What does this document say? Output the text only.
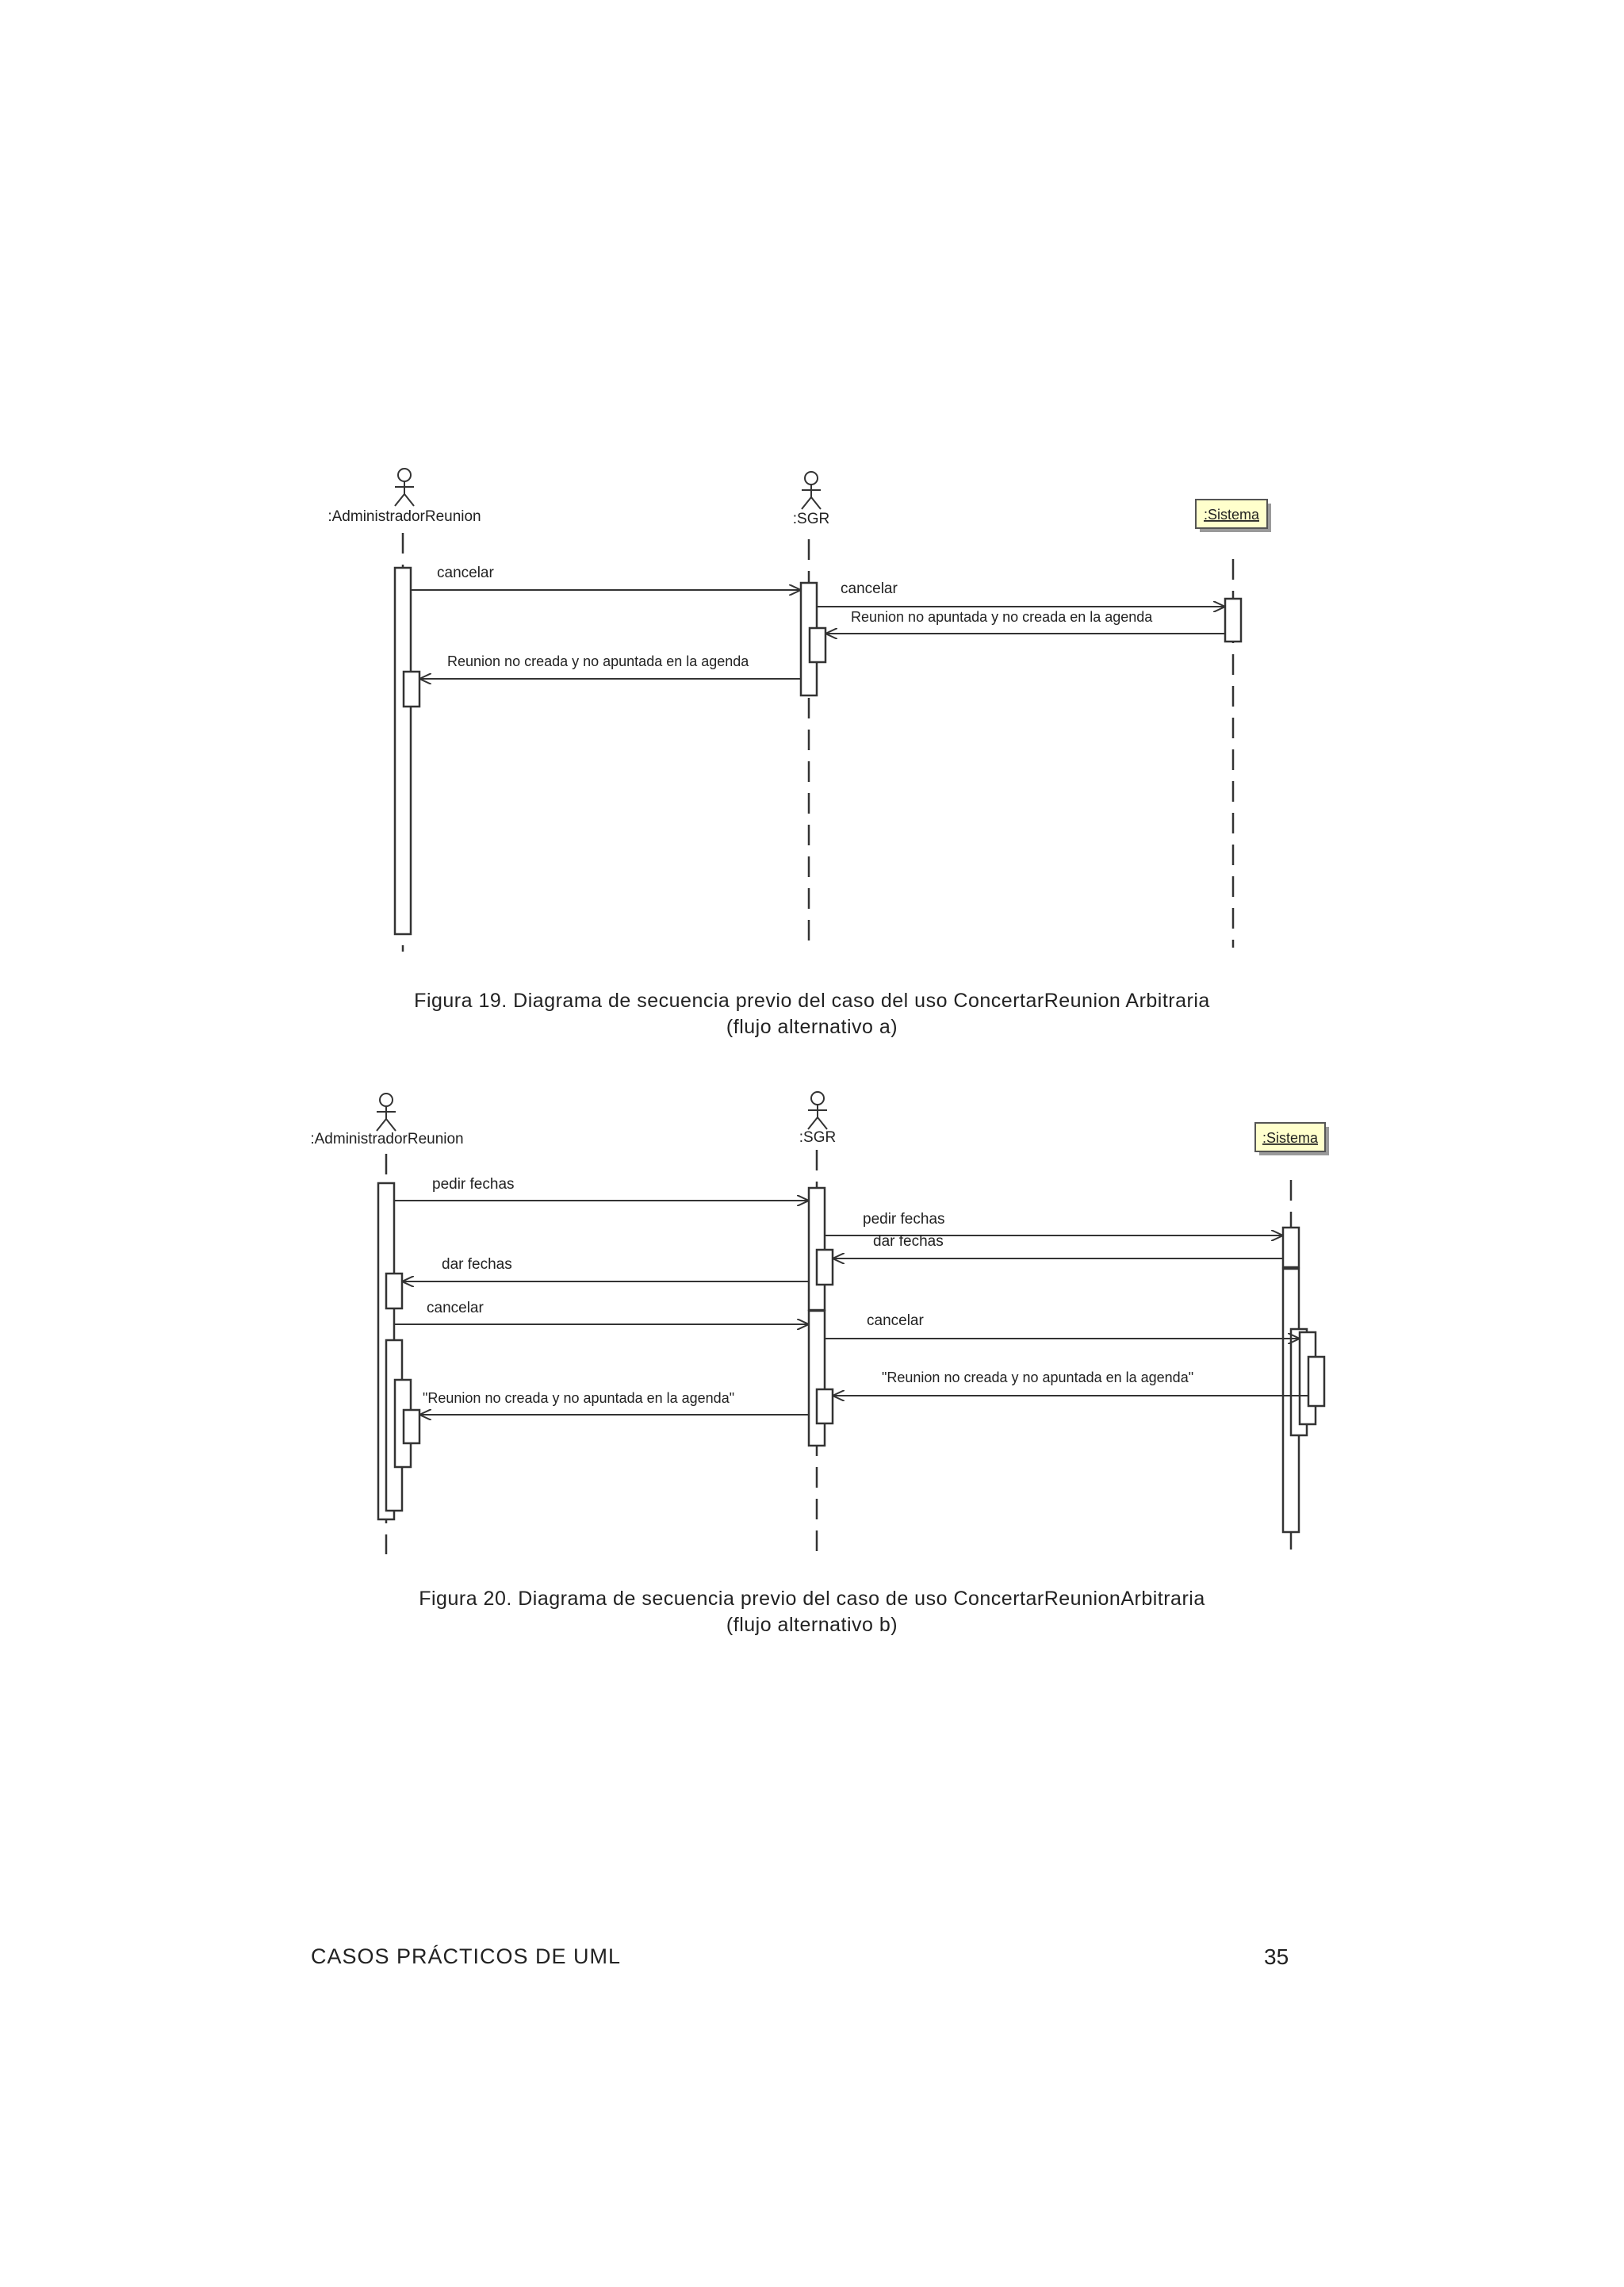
:AdministradorReunion	:SGR	:Sistema
cancelar
cancelar
Reunion no apuntada y no creada en la agenda
Reunion no creada y no apuntada en la agenda
:AdministradorReunion	:SGR	:Sistema
pedir fechas
pedir fechas
dar fechas
dar fechas
cancelar
cancelar
"Reunion no creada y no apuntada en la agenda"
"Reunion no creada y no apuntada en la agenda"
Figura 19. Diagrama de secuencia previo del caso del uso ConcertarReunion Arbitraria
(flujo alternativo a)
Figura 20. Diagrama de secuencia previo del caso de uso ConcertarReunionArbitraria
(flujo alternativo b)
CASOS PRÁCTICOS DE UML	35
